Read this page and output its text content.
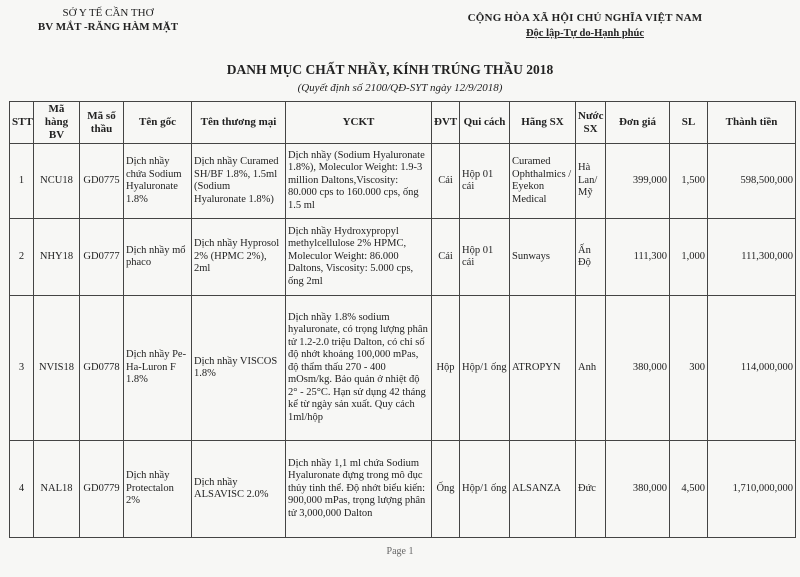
SỞ Y TẾ CẦN THƠ
BV MẮT -RĂNG HÀM MẶT
CỘNG HÒA XÃ HỘI CHỦ NGHĨA VIỆT NAM
Độc lập-Tự do-Hạnh phúc
DANH MỤC CHẤT NHẦY, KÍNH TRÚNG THẦU 2018
(Quyết định số 2100/QĐ-SYT ngày 12/9/2018)
STT	Mã hàng BV	Mã số thầu	Tên gốc	Tên thương mại	YCKT	ĐVT	Qui cách	Hãng SX	Nước SX	Đơn giá	SL	Thành tiền
1	NCU18	GD0775	Dịch nhầy chứa Sodium Hyaluronate 1.8%	Dịch nhầy Curamed SH/BF 1.8%, 1.5ml (Sodium Hyaluronate 1.8%)	Dịch nhầy (Sodium Hyaluronate 1.8%), Moleculor Weight: 1.9-3 million Daltons,Viscosity: 80.000 cps to 160.000 cps, ống 1.5 ml	Cái	Hộp 01 cái	Curamed Ophthalmics / Eyekon Medical	Hà Lan/ Mỹ	399,000	1,500	598,500,000
2	NHY18	GD0777	Dịch nhầy mổ phaco	Dịch nhầy Hyprosol 2% (HPMC 2%), 2ml	Dịch nhầy Hydroxypropyl methylcellulose 2% HPMC, Moleculor Weight: 86.000 Daltons, Viscosity: 5.000 cps, ống 2ml	Cái	Hộp 01 cái	Sunways	Ấn Độ	111,300	1,000	111,300,000
3	NVIS18	GD0778	Dịch nhầy Pe-Ha-Luron F 1.8%	Dịch nhầy VISCOS 1.8%	Dịch nhầy 1.8% sodium hyaluronate, có trọng lượng phân tử 1.2-2.0 triệu Dalton, có chỉ số độ nhớt khoảng 100,000 mPas, độ thẩm thấu 270 - 400 mOsm/kg. Bảo quản ở nhiệt độ 2° - 25°C. Hạn sử dụng 42 tháng kể từ ngày sản xuất. Quy cách 1ml/hộp	Hộp	Hộp/1 ống	ATROPYN	Anh	380,000	300	114,000,000
4	NAL18	GD0779	Dịch nhầy Protectalon 2%	Dịch nhầy ALSAVISC 2.0%	Dịch nhầy 1,1 ml chứa Sodium Hyaluronate đựng trong mô đục thủy tinh thể. Độ nhớt biểu kiến: 900,000 mPas, trọng lượng phân tử 3,000,000 Dalton	Ống	Hộp/1 ống	ALSANZA	Đức	380,000	4,500	1,710,000,000
Page 1
